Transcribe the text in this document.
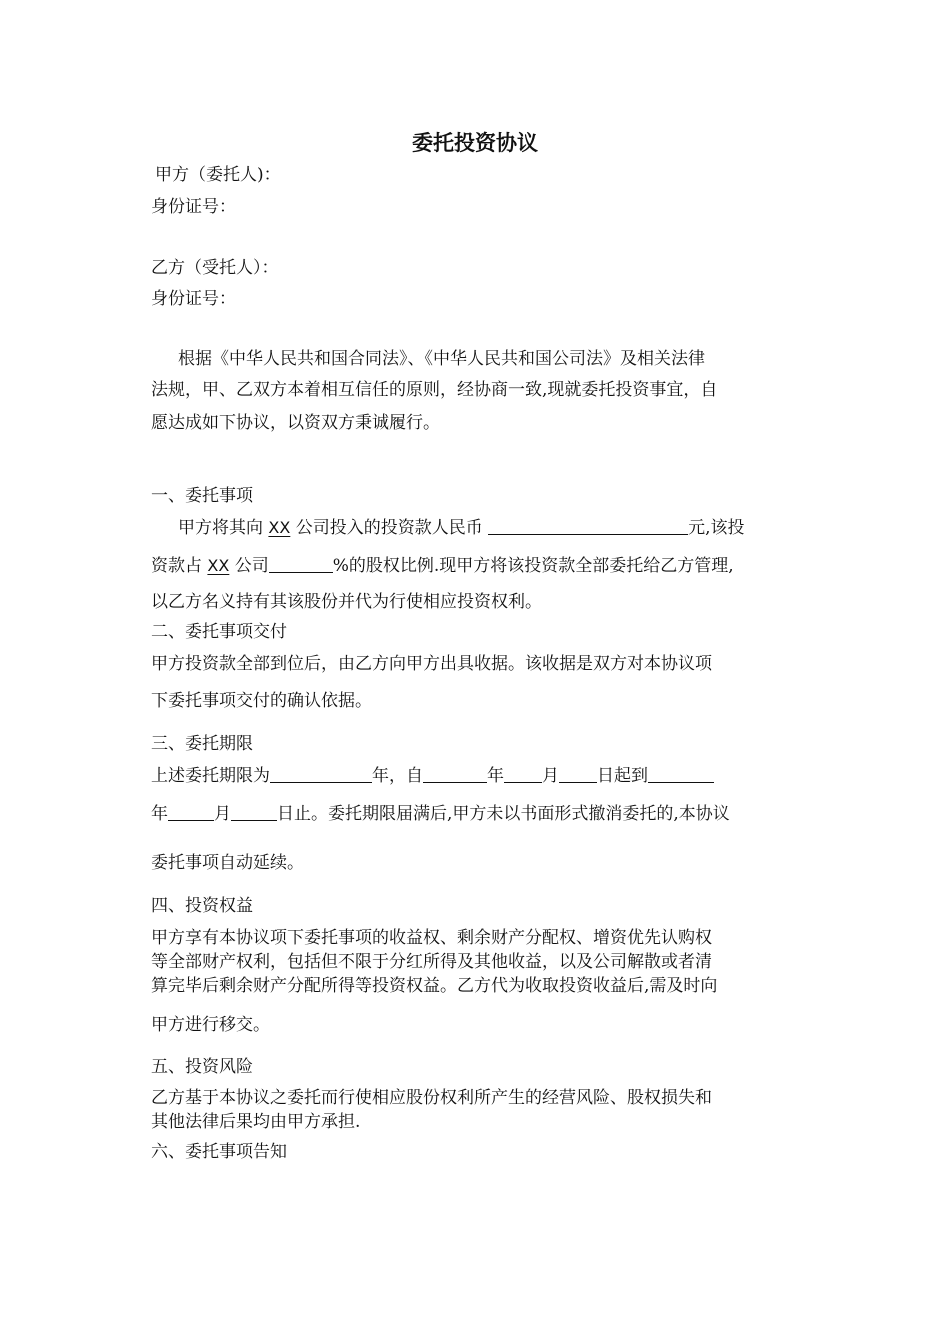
委托投资协议
甲方（委托人)：
身份证号：
乙方（受托人）：
身份证号：
根据《中华人民共和国合同法》、《中华人民共和国公司法》及相关法律
法规，甲、乙双方本着相互信任的原则，经协商一致,现就委托投资事宜，自
愿达成如下协议，以资双方秉诚履行。
一、委托事项
甲方将其向 XX 公司投入的投资款人民币	元,该投
资款占 XX 公司	%的股权比例.现甲方将该投资款全部委托给乙方管理,
以乙方名义持有其该股份并代为行使相应投资权利。
二、委托事项交付
甲方投资款全部到位后，由乙方向甲方出具收据。该收据是双方对本协议项
下委托事项交付的确认依据。
三、委托期限
上述委托期限为	年，自	年 月 日起到
年	月	日止。委托期限届满后,甲方未以书面形式撤消委托的,本协议
委托事项自动延续。
四、投资权益
甲方享有本协议项下委托事项的收益权、剩余财产分配权、增资优先认购权
等全部财产权利，包括但不限于分红所得及其他收益，以及公司解散或者清
算完毕后剩余财产分配所得等投资权益。乙方代为收取投资收益后,需及时向
甲方进行移交。
五、投资风险
乙方基于本协议之委托而行使相应股份权利所产生的经营风险、股权损失和
其他法律后果均由甲方承担.
六、委托事项告知
